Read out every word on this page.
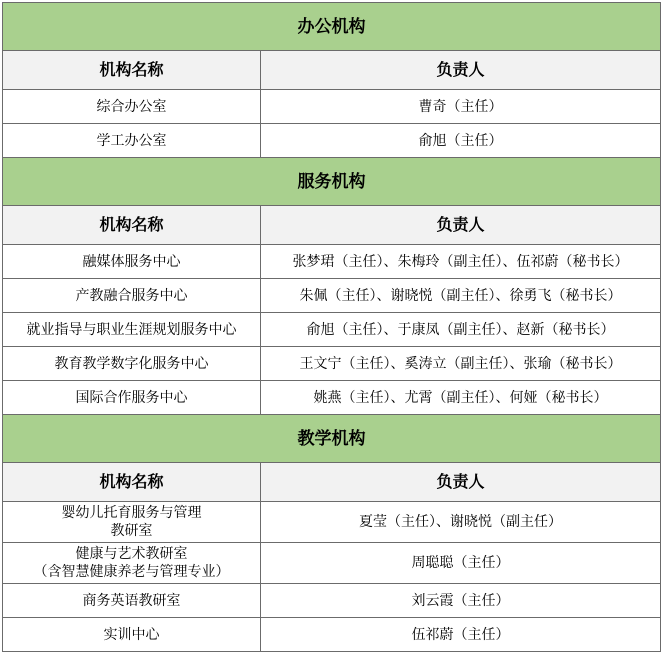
办公机构	
机构名称	负责人
综合办公室	曹奇（主任）
学工办公室	俞旭（主任）
服务机构	
机构名称	负责人
融媒体服务中心	张梦珺（主任）、朱梅玲（副主任）、伍祁蔚（秘书长）
产教融合服务中心	朱佩（主任）、谢晓悦（副主任）、徐勇飞（秘书长）
就业指导与职业生涯规划服务中心	俞旭（主任）、于康凤（副主任）、赵新（秘书长）
教育教学数字化服务中心	王文宁（主任）、奚涛立（副主任）、张瑜（秘书长）
国际合作服务中心	姚燕（主任）、尤霄（副主任）、何娅（秘书长）
教学机构	
机构名称	负责人

婴幼儿托育服务与管理
教研室	夏莹（主任）、谢晓悦（副主任）

健康与艺术教研室
（含智慧健康养老与管理专业）	周聪聪（主任）
商务英语教研室	刘云霞（主任）
实训中心	伍祁蔚（主任）
